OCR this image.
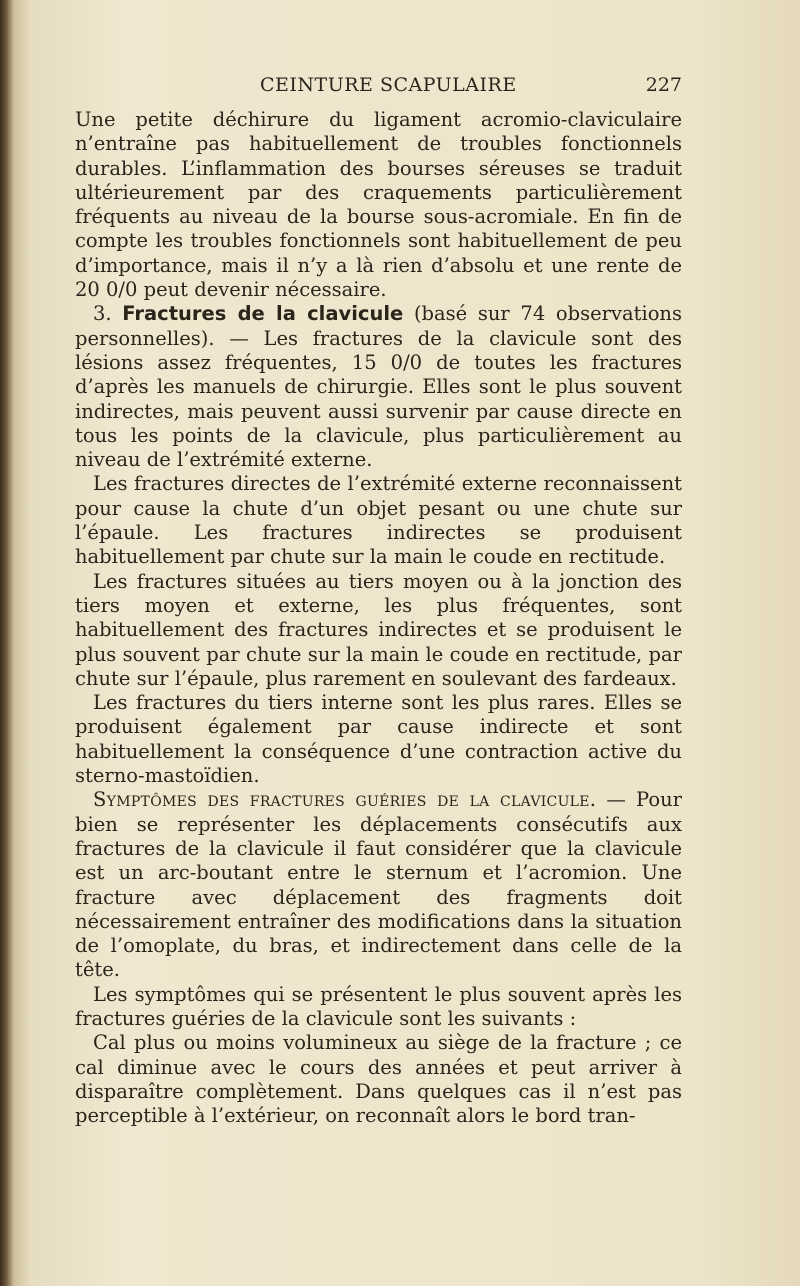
CEINTURE SCAPULAIRE	227

Une petite déchirure du ligament acromio-claviculaire n’entraîne pas habituellement de troubles fonctionnels durables. L’inflammation des bourses séreuses se traduit ultérieurement par des craquements particulièrement fréquents au niveau de la bourse sous-acromiale. En fin de compte les troubles fonctionnels sont habituellement de peu d’importance, mais il n’y a là rien d’absolu et une rente de 20 0/0 peut devenir nécessaire.

3. Fractures de la clavicule (basé sur 74 observations personnelles). — Les fractures de la clavicule sont des lésions assez fréquentes, 15 0/0 de toutes les fractures d’après les manuels de chirurgie. Elles sont le plus souvent indirectes, mais peuvent aussi survenir par cause directe en tous les points de la clavicule, plus particulièrement au niveau de l’extrémité externe.

Les fractures directes de l’extrémité externe reconnaissent pour cause la chute d’un objet pesant ou une chute sur l’épaule. Les fractures indirectes se produisent habituellement par chute sur la main le coude en rectitude.

Les fractures situées au tiers moyen ou à la jonction des tiers moyen et externe, les plus fréquentes, sont habituellement des fractures indirectes et se produisent le plus souvent par chute sur la main le coude en rectitude, par chute sur l’épaule, plus rarement en soulevant des fardeaux.

Les fractures du tiers interne sont les plus rares. Elles se produisent également par cause indirecte et sont habituellement la conséquence d’une contraction active du sterno-mastoïdien.

Symptômes des fractures guéries de la clavicule. — Pour bien se représenter les déplacements consécutifs aux fractures de la clavicule il faut considérer que la clavicule est un arc-boutant entre le sternum et l’acromion. Une fracture avec déplacement des fragments doit nécessairement entraîner des modifications dans la situation de l’omoplate, du bras, et indirectement dans celle de la tête.

Les symptômes qui se présentent le plus souvent après les fractures guéries de la clavicule sont les suivants :

Cal plus ou moins volumineux au siège de la fracture ; ce cal diminue avec le cours des années et peut arriver à disparaître complètement. Dans quelques cas il n’est pas perceptible à l’extérieur, on reconnaît alors le bord tran-
